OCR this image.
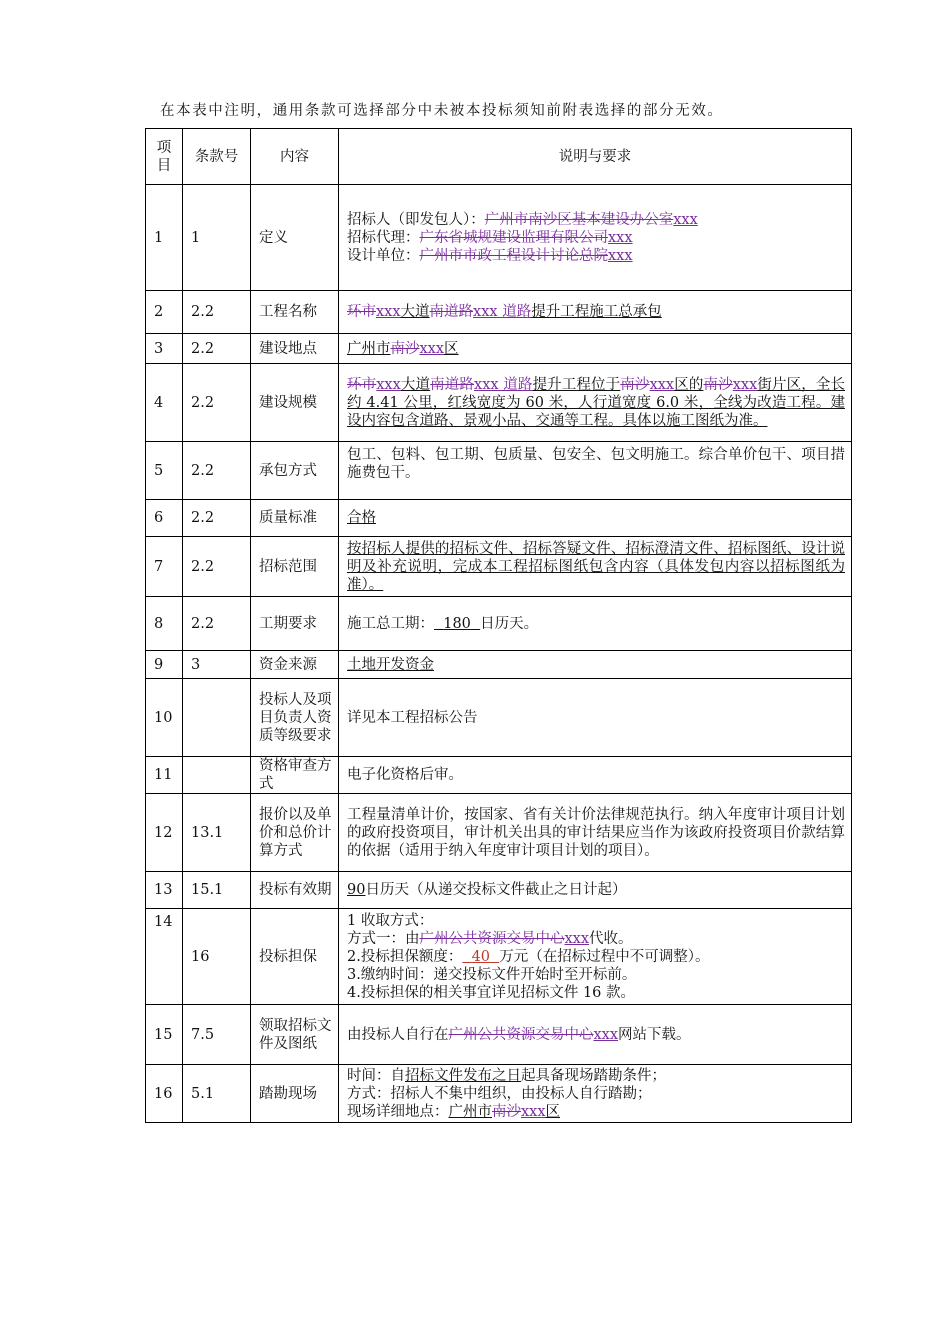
在本表中注明，通用条款可选择部分中未被本投标须知前附表选择的部分无效。
项目	条款号	内容	说明与要求
1	1	定义	招标人（即发包人）：广州市南沙区基本建设办公室xxx
招标代理：广东省城规建设监理有限公司xxx
设计单位：广州市市政工程设计讨论总院xxx

2	2.2	工程名称	环市xxx大道南道路xxx 道路提升工程施工总承包
3	2.2	建设地点	广州市南沙xxx区
4	2.2	建设规模	环市xxx大道南道路xxx 道路提升工程位于南沙xxx区的南沙xxx街片区，全长约 4.41 公里，红线宽度为 60 米，人行道宽度 6.0 米，全线为改造工程。建设内容包含道路、景观小品、交通等工程。具体以施工图纸为准。
5	2.2	承包方式	包工、包料、包工期、包质量、包安全、包文明施工。综合单价包干、项目措施费包干。
6	2.2	质量标准	合格
7	2.2	招标范围	按招标人提供的招标文件、招标答疑文件、招标澄清文件、招标图纸、设计说明及补充说明，完成本工程招标图纸包含内容（具体发包内容以招标图纸为准）。
8	2.2	工期要求	施工总工期： 180 日历天。
9	3	资金来源	土地开发资金
10		投标人及项目负责人资质等级要求	详见本工程招标公告
11		资格审查方式	电子化资格后审。
12	13.1	报价以及单价和总价计算方式	工程量清单计价，按国家、省有关计价法律规范执行。纳入年度审计项目计划的政府投资项目，审计机关出具的审计结果应当作为该政府投资项目价款结算的依据（适用于纳入年度审计项目计划的项目）。
13	15.1	投标有效期	90日历天（从递交投标文件截止之日计起）
14	16	投标担保	1 收取方式：
方式一：由广州公共资源交易中心xxx代收。
2.投标担保额度： 40 万元（在招标过程中不可调整）。
3.缴纳时间：递交投标文件开始时至开标前。
4.投标担保的相关事宜详见招标文件 16 款。

15	7.5	领取招标文件及图纸	由投标人自行在广州公共资源交易中心xxx网站下载。
16	5.1	踏勘现场	时间：自招标文件发布之日起具备现场踏勘条件；
方式：招标人不集中组织，由投标人自行踏勘；
现场详细地点：广州市南沙xxx区
